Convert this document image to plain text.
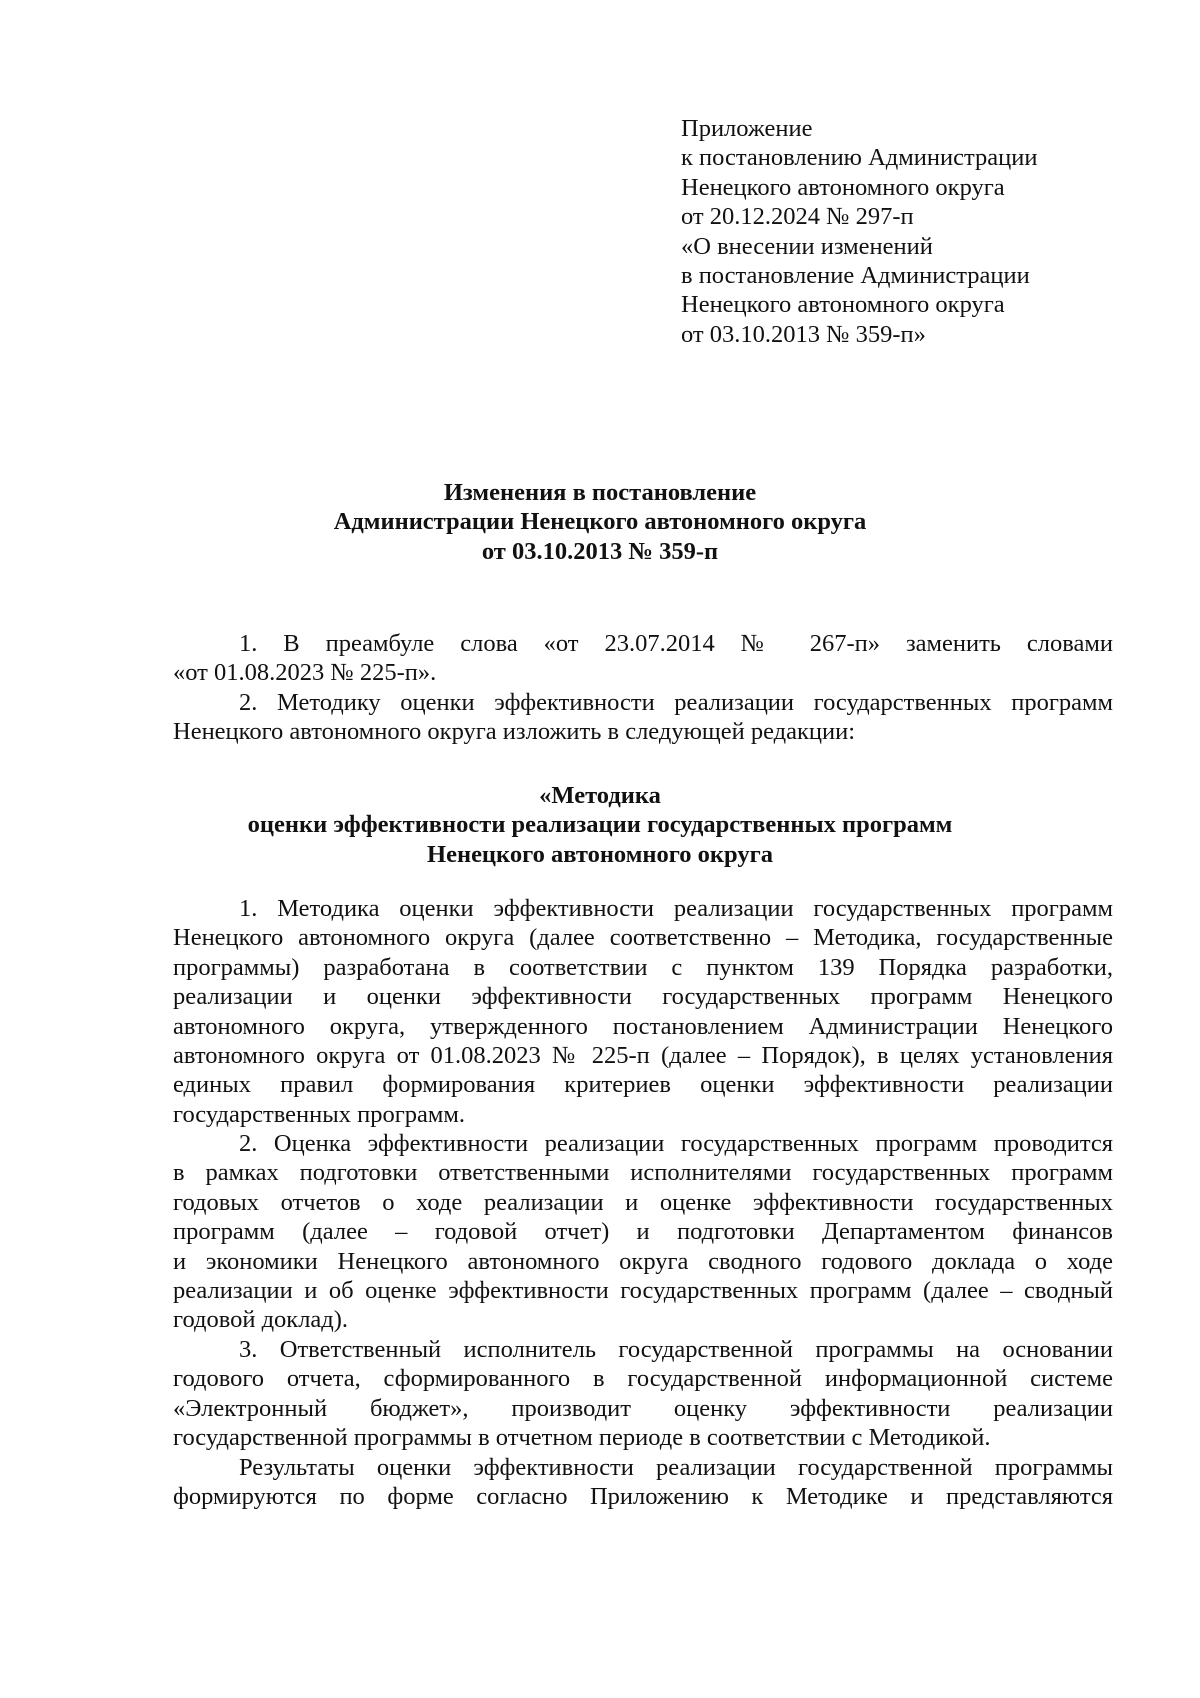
Приложение
к постановлению Администрации
Ненецкого автономного округа
от 20.12.2024 № 297-п
«О внесении изменений
в постановление Администрации
Ненецкого автономного округа
от 03.10.2013 № 359-п»
Изменения в постановление
Администрации Ненецкого автономного округа
от 03.10.2013 № 359-п
1. В преамбуле слова «от 23.07.2014 № 267-п» заменить словами
«от 01.08.2023 № 225-п».
2. Методику оценки эффективности реализации государственных программ
Ненецкого автономного округа изложить в следующей редакции:
«Методика
оценки эффективности реализации государственных программ
Ненецкого автономного округа
1. Методика оценки эффективности реализации государственных программ
Ненецкого автономного округа (далее соответственно – Методика, государственные
программы) разработана в соответствии с пунктом 139 Порядка разработки,
реализации и оценки эффективности государственных программ Ненецкого
автономного округа, утвержденного постановлением Администрации Ненецкого
автономного округа от 01.08.2023 № 225-п (далее – Порядок), в целях установления
единых правил формирования критериев оценки эффективности реализации
государственных программ.
2. Оценка эффективности реализации государственных программ проводится
в рамках подготовки ответственными исполнителями государственных программ
годовых отчетов о ходе реализации и оценке эффективности государственных
программ (далее – годовой отчет) и подготовки Департаментом финансов
и экономики Ненецкого автономного округа сводного годового доклада о ходе
реализации и об оценке эффективности государственных программ (далее – сводный
годовой доклад).
3. Ответственный исполнитель государственной программы на основании
годового отчета, сформированного в государственной информационной системе
«Электронный бюджет», производит оценку эффективности реализации
государственной программы в отчетном периоде в соответствии с Методикой.
Результаты оценки эффективности реализации государственной программы
формируются по форме согласно Приложению к Методике и представляются
